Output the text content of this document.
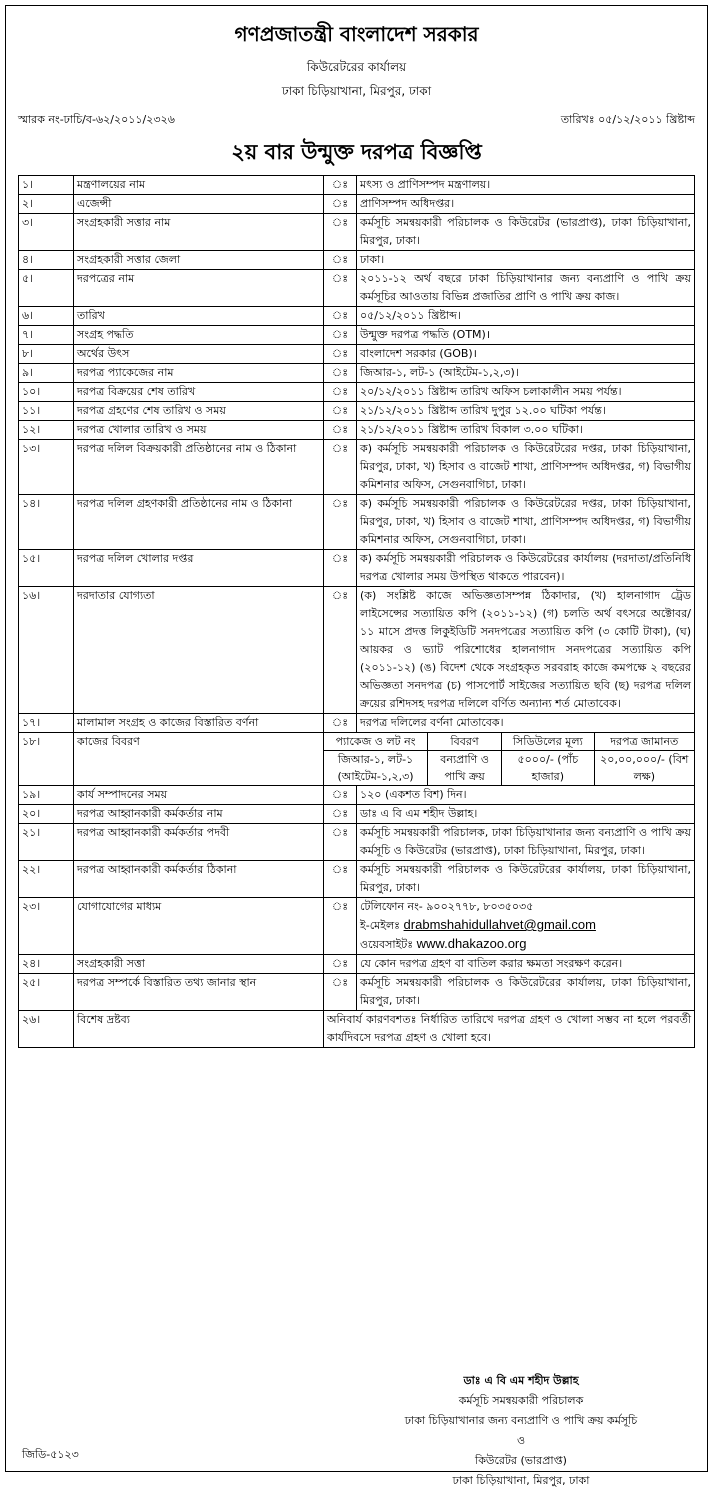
গণপ্রজাতন্ত্রী বাংলাদেশ সরকার
কিউরেটরের কার্যালয়
ঢাকা চিড়িয়াখানা, মিরপুর, ঢাকা
স্মারক নং-ঢাচি/ব-৬২/২০১১/২৩২৬	তারিখঃ ০৫/১২/২০১১ খ্রিষ্টাব্দ
২য় বার উন্মুক্ত দরপত্র বিজ্ঞপ্তি
১।	মন্ত্রণালয়ের নাম	ঃ	মৎস্য ও প্রাণিসম্পদ মন্ত্রণালয়।
২।	এজেন্সী	ঃ	প্রাণিসম্পদ অধিদপ্তর।
৩।	সংগ্রহকারী সত্তার নাম	ঃ	কর্মসূচি সমন্বয়কারী পরিচালক ও কিউরেটর (ভারপ্রাপ্ত), ঢাকা চিড়িয়াখানা, মিরপুর, ঢাকা।
৪।	সংগ্রহকারী সত্তার জেলা	ঃ	ঢাকা।
৫।	দরপত্রের নাম	ঃ	২০১১-১২ অর্থ বছরে ঢাকা চিড়িয়াখানার জন্য বন্যপ্রাণি ও পাখি ক্রয় কর্মসূচির আওতায় বিভিন্ন প্রজাতির প্রাণি ও পাখি ক্রয় কাজ।
৬।	তারিখ	ঃ	০৫/১২/২০১১ খ্রিষ্টাব্দ।
৭।	সংগ্রহ পদ্ধতি	ঃ	উন্মুক্ত দরপত্র পদ্ধতি (OTM)।
৮।	অর্থের উৎস	ঃ	বাংলাদেশ সরকার (GOB)।
৯।	দরপত্র প্যাকেজের নাম	ঃ	জিআর-১, লট-১ (আইটেম-১,২,৩)।
১০।	দরপত্র বিক্রয়ের শেষ তারিখ	ঃ	২০/১২/২০১১ খ্রিষ্টাব্দ তারিখ অফিস চলাকালীন সময় পর্যন্ত।
১১।	দরপত্র গ্রহণের শেষ তারিখ ও সময়	ঃ	২১/১২/২০১১ খ্রিষ্টাব্দ তারিখ দুপুর ১২.০০ ঘটিকা পর্যন্ত।
১২।	দরপত্র খোলার তারিখ ও সময়	ঃ	২১/১২/২০১১ খ্রিষ্টাব্দ তারিখ বিকাল ৩.০০ ঘটিকা।
১৩।	দরপত্র দলিল বিক্রয়কারী প্রতিষ্ঠানের নাম ও ঠিকানা	ঃ	ক) কর্মসূচি সমন্বয়কারী পরিচালক ও কিউরেটরের দপ্তর, ঢাকা চিড়িয়াখানা, মিরপুর, ঢাকা, খ) হিসাব ও বাজেট শাখা, প্রাণিসম্পদ অধিদপ্তর, গ) বিভাগীয় কমিশনার অফিস, সেগুনবাগিচা, ঢাকা।
১৪।	দরপত্র দলিল গ্রহণকারী প্রতিষ্ঠানের নাম ও ঠিকানা	ঃ	ক) কর্মসূচি সমন্বয়কারী পরিচালক ও কিউরেটরের দপ্তর, ঢাকা চিড়িয়াখানা, মিরপুর, ঢাকা, খ) হিসাব ও বাজেট শাখা, প্রাণিসম্পদ অধিদপ্তর, গ) বিভাগীয় কমিশনার অফিস, সেগুনবাগিচা, ঢাকা।
১৫।	দরপত্র দলিল খোলার দপ্তর	ঃ	ক) কর্মসূচি সমন্বয়কারী পরিচালক ও কিউরেটরের কার্যালয় (দরদাতা/প্রতিনিধি দরপত্র খোলার সময় উপস্থিত থাকতে পারবেন)।
১৬।	দরদাতার যোগ্যতা	ঃ	(ক) সংশ্লিষ্ট কাজে অভিজ্ঞতাসম্পন্ন ঠিকাদার, (খ) হালনাগাদ ট্রেড লাইসেন্সের সত্যায়িত কপি (২০১১-১২) (গ) চলতি অর্থ বৎসরে অক্টোবর/১১ মাসে প্রদত্ত লিকুইডিটি সনদপত্রের সত্যায়িত কপি (৩ কোটি টাকা), (ঘ) আয়কর ও ভ্যাট পরিশোধের হালনাগাদ সনদপত্রের সত্যায়িত কপি (২০১১-১২) (ঙ) বিদেশ থেকে সংগ্রহকৃত সরবরাহ কাজে কমপক্ষে ২ বছরের অভিজ্ঞতা সনদপত্র (চ) পাসপোর্ট সাইজের সত্যায়িত ছবি (ছ) দরপত্র দলিল ক্রয়ের রশিদসহ দরপত্র দলিলে বর্ণিত অন্যান্য শর্ত মোতাবেক।
১৭।	মালামাল সংগ্রহ ও কাজের বিস্তারিত বর্ণনা	ঃ	দরপত্র দলিলের বর্ণনা মোতাবেক।
১৮।	কাজের বিবরণ		প্যাকেজ ও লট নং	বিবরণ	সিডিউলের মূল্য	দরপত্র জামানত
জিআর-১, লট-১ (আইটেম-১,২,৩)	বন্যপ্রাণি ও পাখি ক্রয়	৫০০০/- (পাঁচ হাজার)	২০,০০,০০০/- (বিশ লক্ষ)

১৯।	কার্য সম্পাদনের সময়	ঃ	১২০ (একশত বিশ) দিন।
২০।	দরপত্র আহ্বানকারী কর্মকর্তার নাম	ঃ	ডাঃ এ বি এম শহীদ উল্লাহ।
২১।	দরপত্র আহ্বানকারী কর্মকর্তার পদবী	ঃ	কর্মসূচি সমন্বয়কারী পরিচালক, ঢাকা চিড়িয়াখানার জন্য বন্যপ্রাণি ও পাখি ক্রয় কর্মসূচি ও কিউরেটর (ভারপ্রাপ্ত), ঢাকা চিড়িয়াখানা, মিরপুর, ঢাকা।
২২।	দরপত্র আহ্বানকারী কর্মকর্তার ঠিকানা	ঃ	কর্মসূচি সমন্বয়কারী পরিচালক ও কিউরেটরের কার্যালয়, ঢাকা চিড়িয়াখানা, মিরপুর, ঢাকা।
২৩।	যোগাযোগের মাধ্যম	ঃ	টেলিফোন নং- ৯০০২৭৭৮, ৮০৩৫০৩৫
ই-মেইলঃ drabmshahidullahvet@gmail.com
ওয়েবসাইটঃ www.dhakazoo.org

২৪।	সংগ্রহকারী সত্তা	ঃ	যে কোন দরপত্র গ্রহণ বা বাতিল করার ক্ষমতা সংরক্ষণ করেন।
২৫।	দরপত্র সম্পর্কে বিস্তারিত তথ্য জানার স্থান	ঃ	কর্মসূচি সমন্বয়কারী পরিচালক ও কিউরেটরের কার্যালয়, ঢাকা চিড়িয়াখানা, মিরপুর, ঢাকা।
২৬।	বিশেষ দ্রষ্টব্য	অনিবার্য কারণবশতঃ নির্ধারিত তারিখে দরপত্র গ্রহণ ও খোলা সম্ভব না হলে পরবর্তী কার্যদিবসে দরপত্র গ্রহণ ও খোলা হবে।
ডাঃ এ বি এম শহীদ উল্লাহ
কর্মসূচি সমন্বয়কারী পরিচালক
ঢাকা চিড়িয়াখানার জন্য বন্যপ্রাণি ও পাখি ক্রয় কর্মসূচি
ও
কিউরেটর (ভারপ্রাপ্ত)
ঢাকা চিড়িয়াখানা, মিরপুর, ঢাকা
জিডি-৫১২৩
